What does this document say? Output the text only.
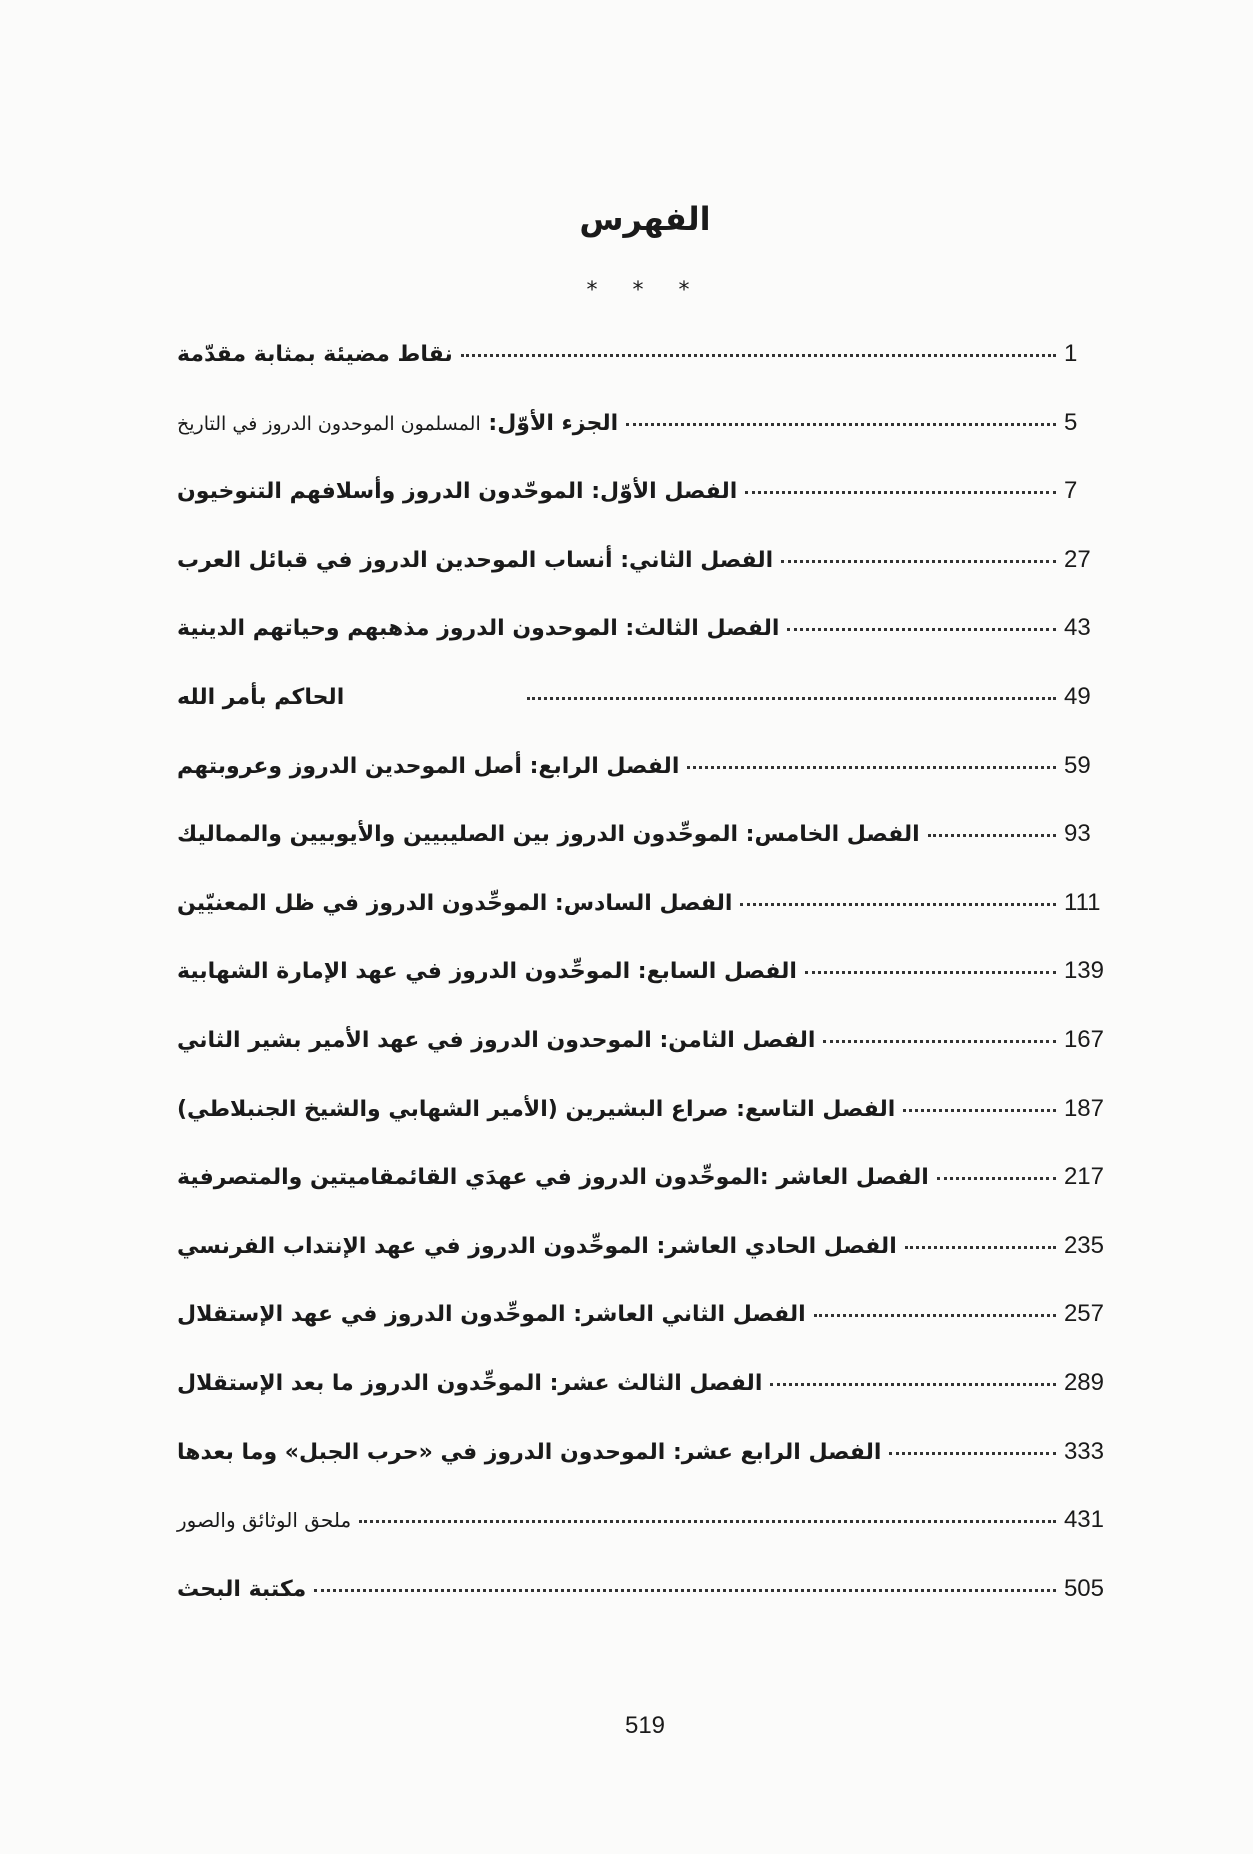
الفهرس
* * *
نقاط مضيئة بمثابة مقدّمة	1
الجزء الأوّل: المسلمون الموحدون الدروز في التاريخ	5
الفصل الأوّل: الموحّدون الدروز وأسلافهم التنوخيون	7
الفصل الثاني: أنساب الموحدين الدروز في قبائل العرب	27
الفصل الثالث: الموحدون الدروز مذهبهم وحياتهم الدينية	43
الحاكم بأمر الله	49
الفصل الرابع: أصل الموحدين الدروز وعروبتهم	59
الفصل الخامس: الموحِّدون الدروز بين الصليبيين والأيوبيين والمماليك	93
الفصل السادس: الموحِّدون الدروز في ظل المعنيّين	111
الفصل السابع: الموحِّدون الدروز في عهد الإمارة الشهابية	139
الفصل الثامن: الموحدون الدروز في عهد الأمير بشير الثاني	167
الفصل التاسع: صراع البشيرين (الأمير الشهابي والشيخ الجنبلاطي)	187
الفصل العاشر :الموحِّدون الدروز في عهدَي القائمقاميتين والمتصرفية	217
الفصل الحادي العاشر: الموحِّدون الدروز في عهد الإنتداب الفرنسي	235
الفصل الثاني العاشر: الموحِّدون الدروز في عهد الإستقلال	257
الفصل الثالث عشر: الموحِّدون الدروز ما بعد الإستقلال	289
الفصل الرابع عشر: الموحدون الدروز في «حرب الجبل» وما بعدها	333
ملحق الوثائق والصور	431
مكتبة البحث	505
519
